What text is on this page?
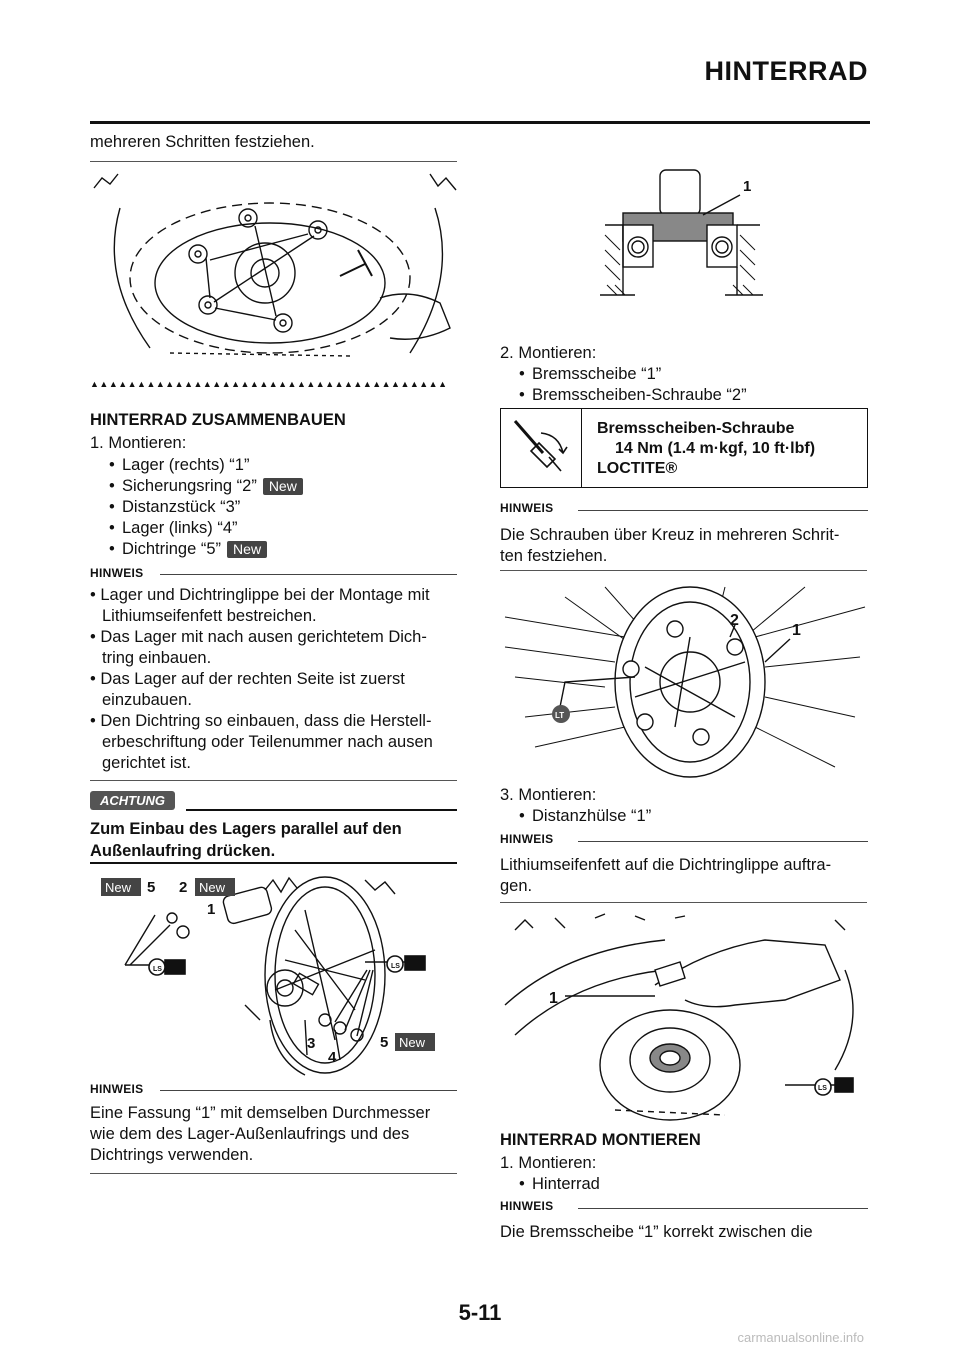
HINTERRAD
mehreren Schritten festziehen.
▲▲▲▲▲▲▲▲▲▲▲▲▲▲▲▲▲▲▲▲▲▲▲▲▲▲▲▲▲▲▲▲▲▲▲▲▲▲
HINTERRAD ZUSAMMENBAUEN
1. Montieren:
• Lager (rechts) “1”
• Sicherungsring “2” New
• Distanzstück “3”
• Lager (links) “4”
• Dichtringe “5” New
HINWEIS
• Lager und Dichtringlippe bei der Montage mit
Lithiumseifenfett bestreichen.
• Das Lager mit nach ausen gerichtetem Dich-
tring einbauen.
• Das Lager auf der rechten Seite ist zuerst
einzubauen.
• Den Dichtring so einbauen, dass die Herstell-
erbeschriftung oder Teilenummer nach ausen
gerichtet ist.
ACHTUNG
Zum Einbau des Lagers parallel auf den
Außenlaufring drücken.
LS	LS
5 2
1
3
4
5
New	New
New
HINWEIS
Eine Fassung “1” mit demselben Durchmesser
wie dem des Lager-Außenlaufrings und des
Dichtrings verwenden.
1
2. Montieren:
• Bremsscheibe “1”
• Bremsscheiben-Schraube “2”
Bremsscheiben-Schraube
14 Nm (1.4 m·kgf, 10 ft·lbf)
LOCTITE®
HINWEIS
Die Schrauben über Kreuz in mehreren Schrit-
ten festziehen.
LT
2
1
3. Montieren:
• Distanzhülse “1”
HINWEIS
Lithiumseifenfett auf die Dichtringlippe auftra-
gen.
1
LS
HINTERRAD MONTIEREN
1. Montieren:
• Hinterrad
HINWEIS
Die Bremsscheibe “1” korrekt zwischen die
5-11
carmanualsonline.info
